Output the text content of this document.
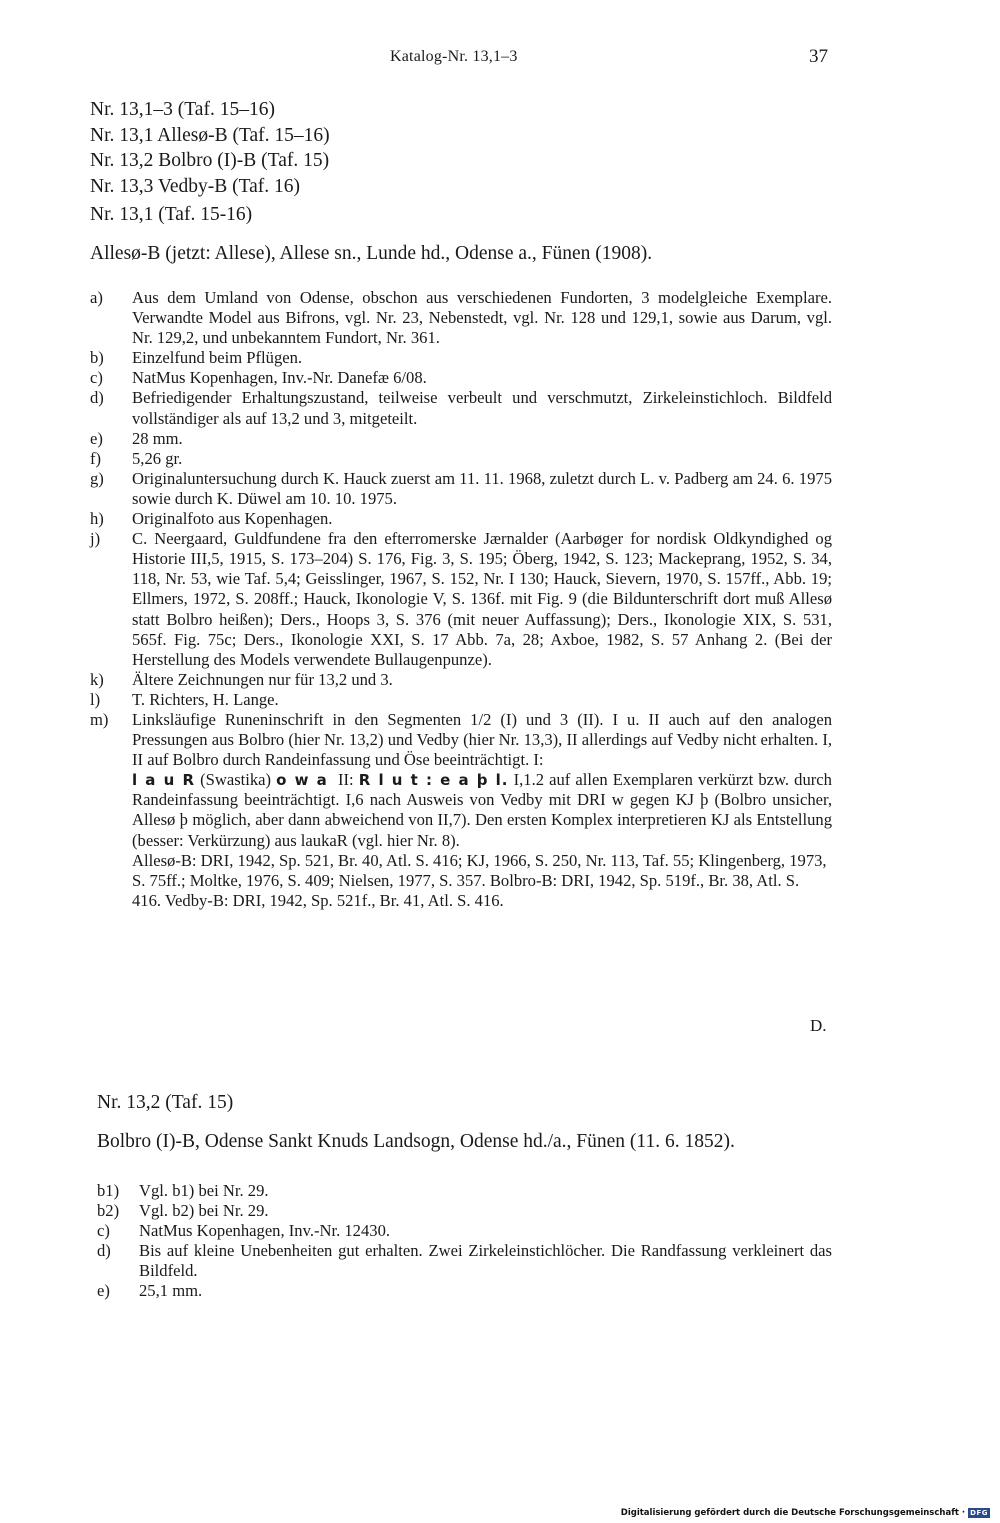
Katalog-Nr. 13,1–3	37
Nr. 13,1–3 (Taf. 15–16)
Nr. 13,1 Allesø-B (Taf. 15–16)
Nr. 13,2 Bolbro (I)-B (Taf. 15)
Nr. 13,3 Vedby-B (Taf. 16)
Nr. 13,1 (Taf. 15-16)
Allesø-B (jetzt: Allese), Allese sn., Lunde hd., Odense a., Fünen (1908).
a) Aus dem Umland von Odense, obschon aus verschiedenen Fundorten, 3 modelgleiche Exemplare. Verwandte Model aus Bifrons, vgl. Nr. 23, Nebenstedt, vgl. Nr. 128 und 129,1, sowie aus Darum, vgl. Nr. 129,2, und unbekanntem Fundort, Nr. 361.
b) Einzelfund beim Pflügen.
c) NatMus Kopenhagen, Inv.-Nr. Danefæ 6/08.
d) Befriedigender Erhaltungszustand, teilweise verbeult und verschmutzt, Zirkeleinstichloch. Bildfeld vollständiger als auf 13,2 und 3, mitgeteilt.
e) 28 mm.
f) 5,26 gr.
g) Originaluntersuchung durch K. Hauck zuerst am 11. 11. 1968, zuletzt durch L. v. Padberg am 24. 6. 1975 sowie durch K. Düwel am 10. 10. 1975.
h) Originalfoto aus Kopenhagen.
j) C. Neergaard, Guldfundene fra den efterromerske Jærnalder (Aarbøger for nordisk Oldkyndighed og Historie III,5, 1915, S. 173–204) S. 176, Fig. 3, S. 195; Öberg, 1942, S. 123; Mackeprang, 1952, S. 34, 118, Nr. 53, wie Taf. 5,4; Geisslinger, 1967, S. 152, Nr. I 130; Hauck, Sievern, 1970, S. 157ff., Abb. 19; Ellmers, 1972, S. 208ff.; Hauck, Ikonologie V, S. 136f. mit Fig. 9 (die Bildunterschrift dort muß Allesø statt Bolbro heißen); Ders., Hoops 3, S. 376 (mit neuer Auffassung); Ders., Ikonologie XIX, S. 531, 565f. Fig. 75c; Ders., Ikonologie XXI, S. 17 Abb. 7a, 28; Axboe, 1982, S. 57 Anhang 2. (Bei der Herstellung des Models verwendete Bullaugenpunze).
k) Ältere Zeichnungen nur für 13,2 und 3.
l) T. Richters, H. Lange.
m) Linksläufige Runeninschrift in den Segmenten 1/2 (I) und 3 (II). I u. II auch auf den analogen Pressungen aus Bolbro (hier Nr. 13,2) und Vedby (hier Nr. 13,3), II allerdings auf Vedby nicht erhalten. I, II auf Bolbro durch Randeinfassung und Öse beeinträchtigt. I:
l a u R (Swastika) o w a II: R l u t : e a þ l. I,1.2 auf allen Exemplaren verkürzt bzw. durch Randeinfassung beeinträchtigt. I,6 nach Ausweis von Vedby mit DRI w gegen KJ þ (Bolbro unsicher, Allesø þ möglich, aber dann abweichend von II,7). Den ersten Komplex interpretieren KJ als Entstellung (besser: Verkürzung) aus laukaR (vgl. hier Nr. 8).

Allesø-B: DRI, 1942, Sp. 521, Br. 40, Atl. S. 416; KJ, 1966, S. 250, Nr. 113, Taf. 55; Klingenberg, 1973, S. 75ff.; Moltke, 1976, S. 409; Nielsen, 1977, S. 357. Bolbro-B: DRI, 1942, Sp. 519f., Br. 38, Atl. S. 416. Vedby-B: DRI, 1942, Sp. 521f., Br. 41, Atl. S. 416.

D.
Nr. 13,2 (Taf. 15)
Bolbro (I)-B, Odense Sankt Knuds Landsogn, Odense hd./a., Fünen (11. 6. 1852).
b1) Vgl. b1) bei Nr. 29.
b2) Vgl. b2) bei Nr. 29.
c) NatMus Kopenhagen, Inv.-Nr. 12430.
d) Bis auf kleine Unebenheiten gut erhalten. Zwei Zirkeleinstichlöcher. Die Randfassung verkleinert das Bildfeld.
e) 25,1 mm.
Digitalisierung gefördert durch die Deutsche Forschungsgemeinschaft · DFG
